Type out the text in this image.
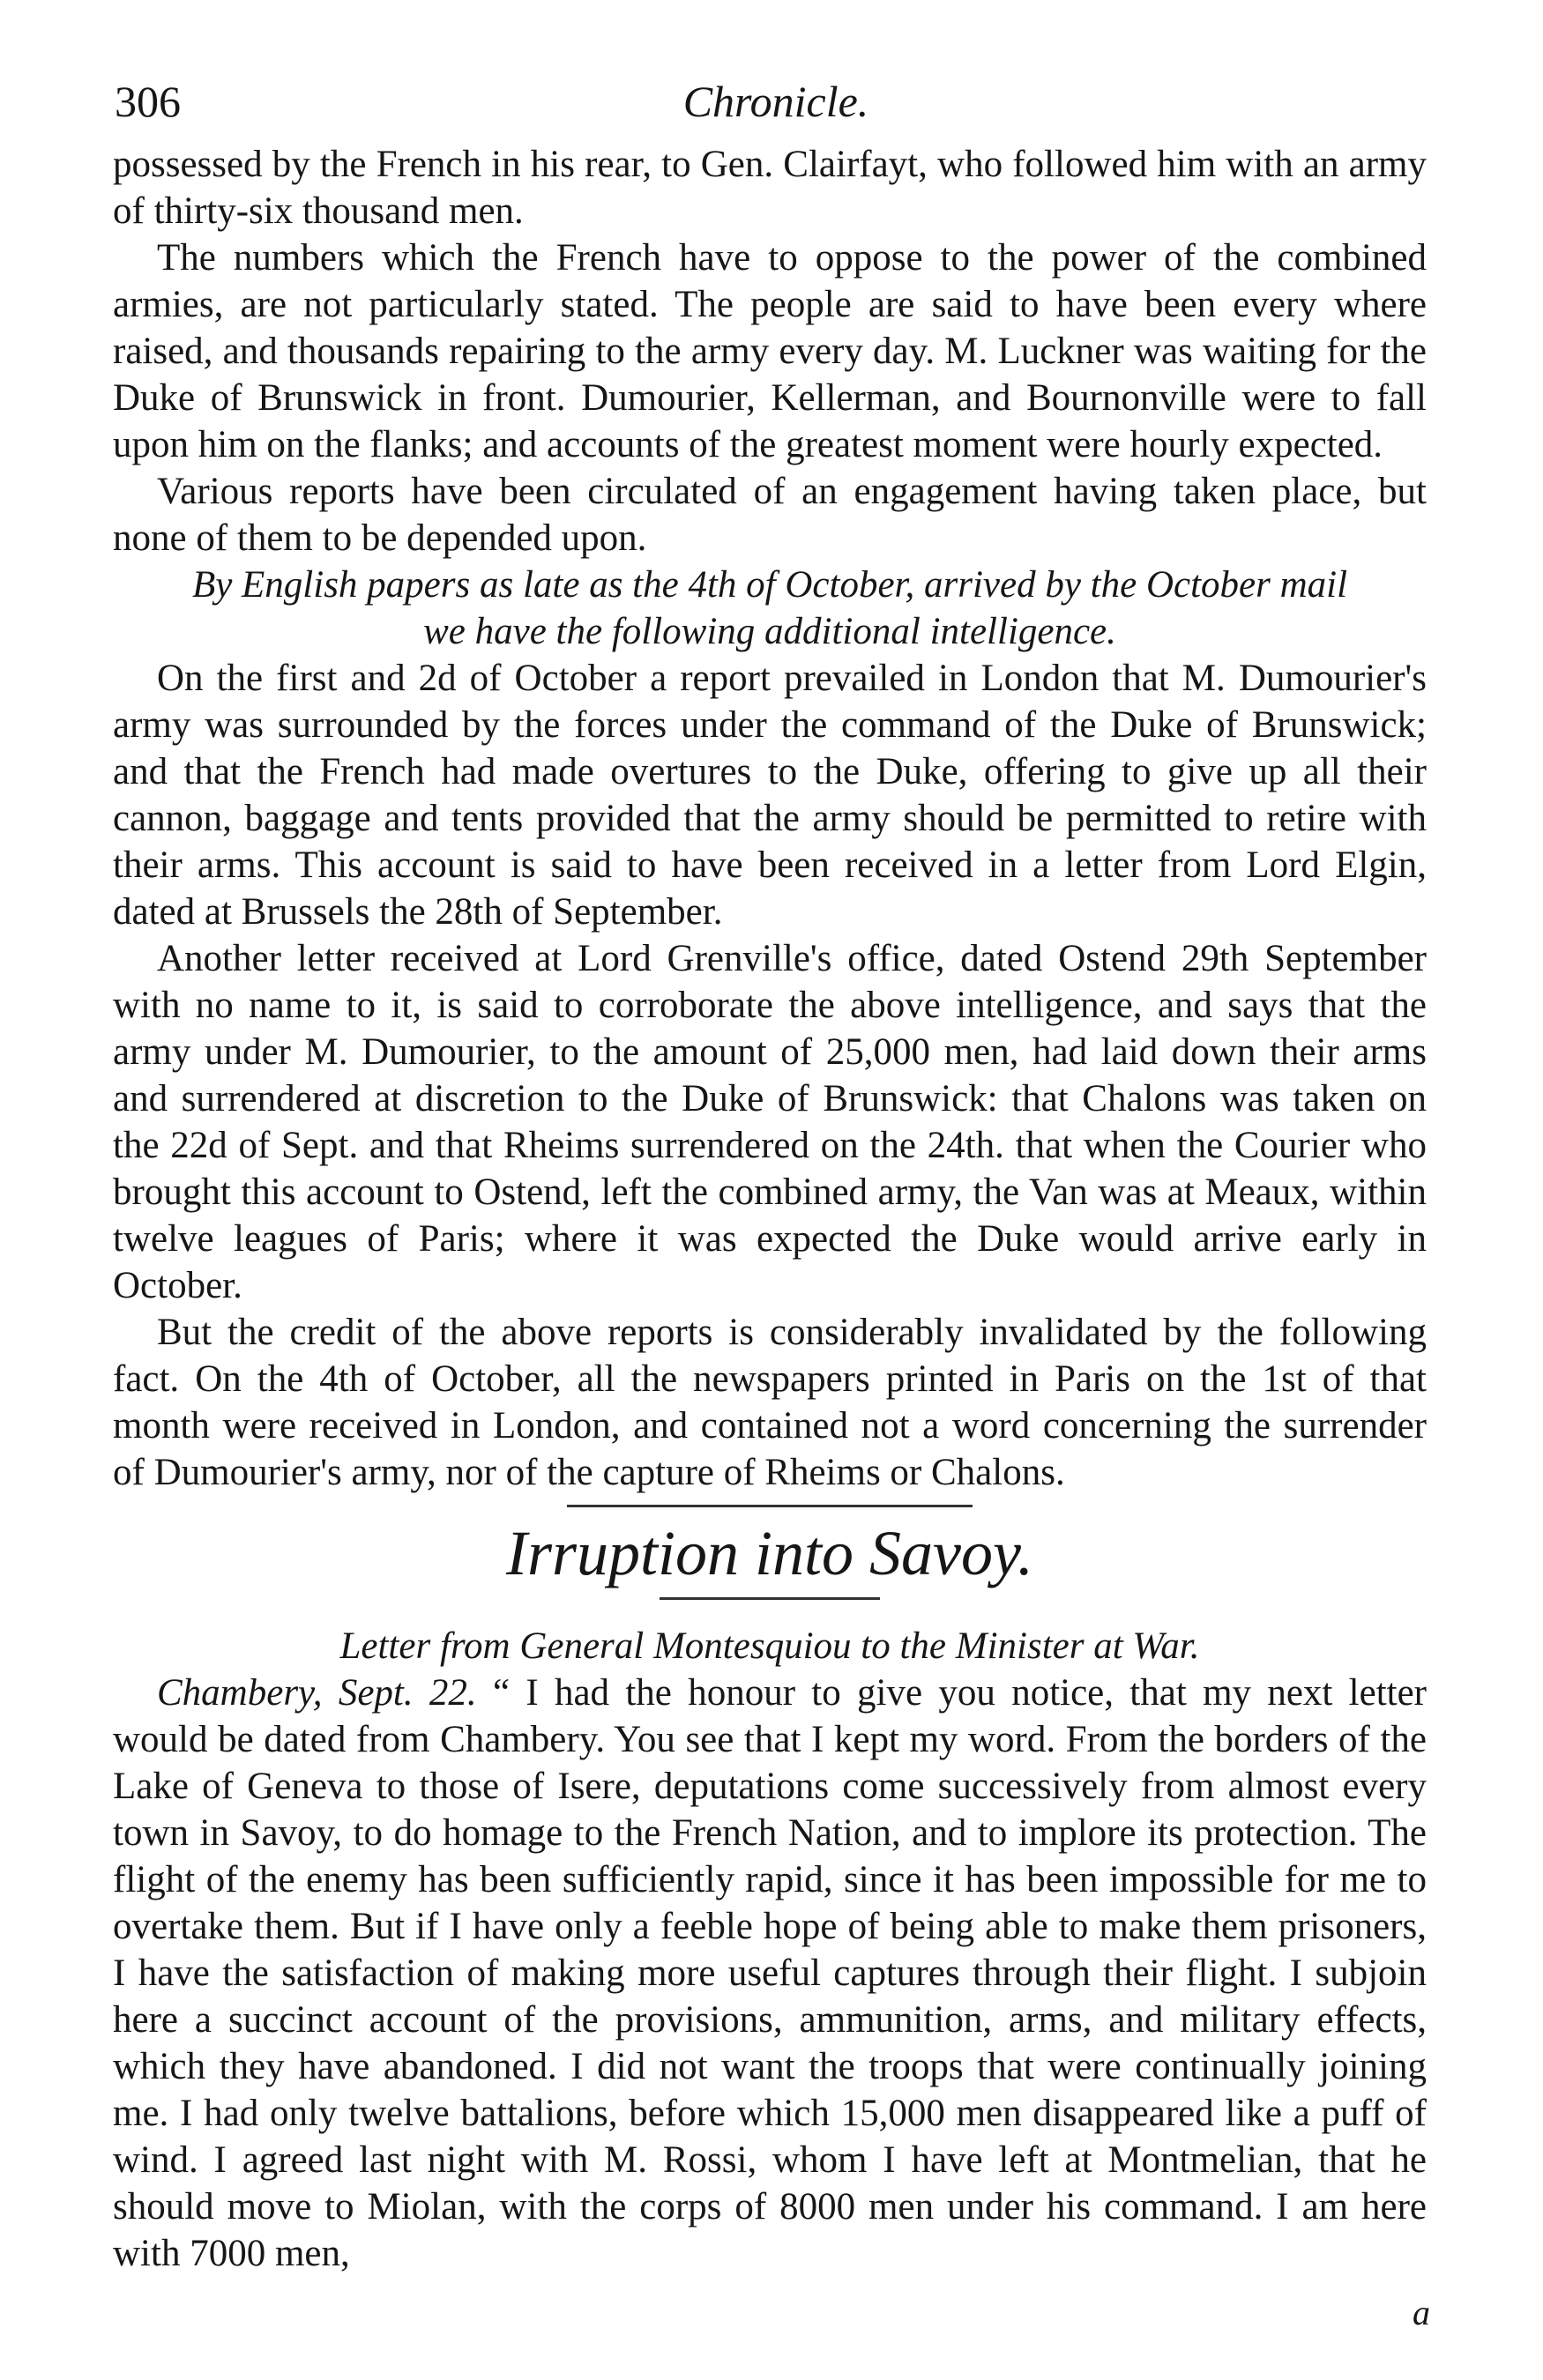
306	Chronicle.

possessed by the French in his rear, to Gen. Clairfayt, who followed him with an army of thirty-six thousand men.

The numbers which the French have to oppose to the power of the combined armies, are not particularly stated. The people are said to have been every where raised, and thousands repairing to the army every day. M. Luckner was waiting for the Duke of Brunswick in front. Dumourier, Kellerman, and Bournonville were to fall upon him on the flanks; and accounts of the greatest moment were hourly expected.

Various reports have been circulated of an engagement having taken place, but none of them to be depended upon.

By English papers as late as the 4th of October, arrived by the October mail
we have the following additional intelligence.

On the first and 2d of October a report prevailed in London that M. Dumourier's army was surrounded by the forces under the command of the Duke of Brunswick; and that the French had made overtures to the Duke, offering to give up all their cannon, baggage and tents provided that the army should be permitted to retire with their arms. This account is said to have been received in a letter from Lord Elgin, dated at Brussels the 28th of September.

Another letter received at Lord Grenville's office, dated Ostend 29th September with no name to it, is said to corroborate the above intelligence, and says that the army under M. Dumourier, to the amount of 25,000 men, had laid down their arms and surrendered at discretion to the Duke of Brunswick: that Chalons was taken on the 22d of Sept. and that Rheims surrendered on the 24th. that when the Courier who brought this account to Ostend, left the combined army, the Van was at Meaux, within twelve leagues of Paris; where it was expected the Duke would arrive early in October.

But the credit of the above reports is considerably invalidated by the following fact. On the 4th of October, all the newspapers printed in Paris on the 1st of that month were received in London, and contained not a word concerning the surrender of Dumourier's army, nor of the capture of Rheims or Chalons.

Irruption into Savoy.

Letter from General Montesquiou to the Minister at War.

Chambery, Sept. 22. “ I had the honour to give you notice, that my next letter would be dated from Chambery. You see that I kept my word. From the borders of the Lake of Geneva to those of Isere, deputations come successively from almost every town in Savoy, to do homage to the French Nation, and to implore its protection. The flight of the enemy has been sufficiently rapid, since it has been impossible for me to overtake them. But if I have only a feeble hope of being able to make them prisoners, I have the satisfaction of making more useful captures through their flight. I subjoin here a succinct account of the provisions, ammunition, arms, and military effects, which they have abandoned. I did not want the troops that were continually joining me. I had only twelve battalions, before which 15,000 men disappeared like a puff of wind. I agreed last night with M. Rossi, whom I have left at Montmelian, that he should move to Miolan, with the corps of 8000 men under his command. I am here with 7000 men,

a
